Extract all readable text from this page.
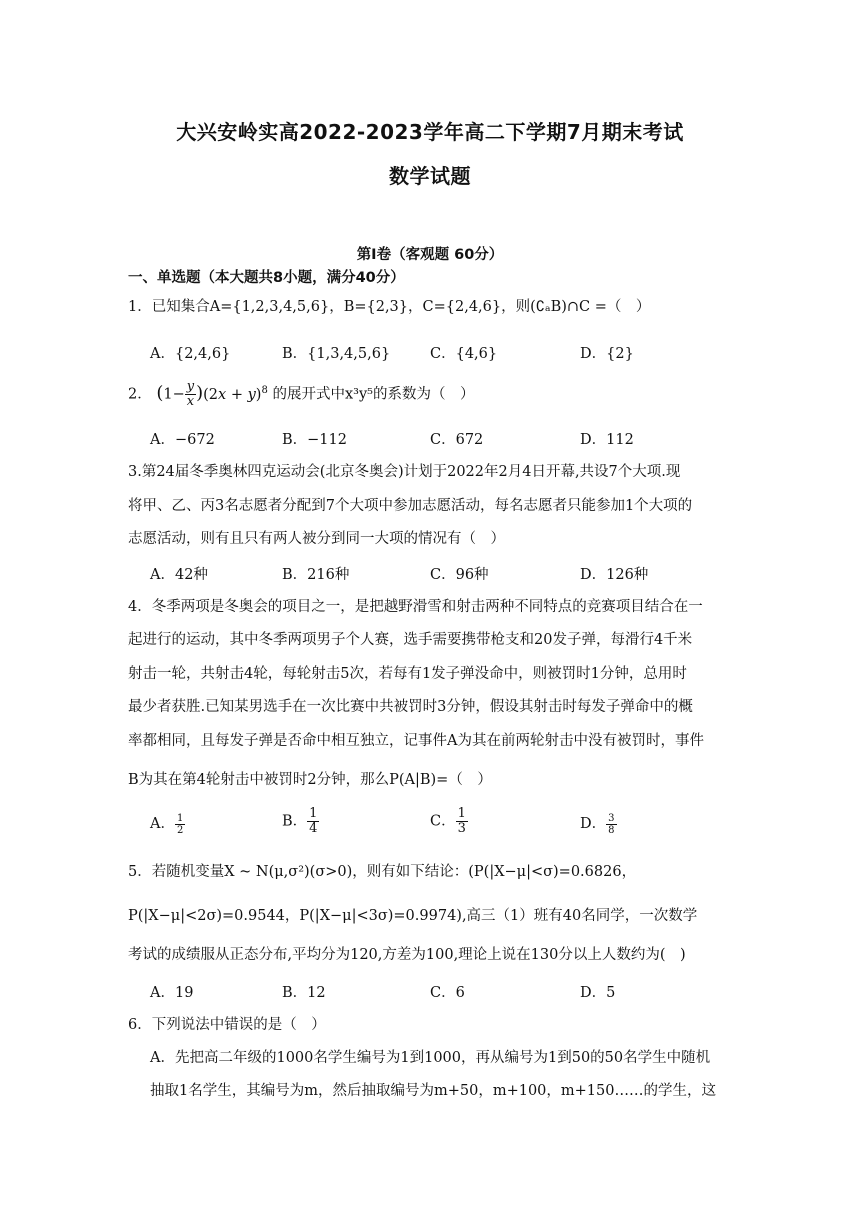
大兴安岭实高2022-2023学年高二下学期7月期末考试
数学试题
第Ⅰ卷（客观题 60分）
一、单选题（本大题共8小题，满分40分）
1．已知集合A={1,2,3,4,5,6}，B={2,3}，C={2,4,6}，则(∁ₐB)∩C =（　）
A．{2,4,6}	B．{1,3,4,5,6}	C．{4,6}	D．{2}
2． $(1- \frac{y}{x} )(2x + y)^8$ 的展开式中x³y⁵的系数为（　）
A．−672	B．−112	C．672	D．112
3.第24届冬季奥林四克运动会(北京冬奥会)计划于2022年2月4日开幕,共设7个大项.现
将甲、乙、丙3名志愿者分配到7个大项中参加志愿活动，每名志愿者只能参加1个大项的
志愿活动，则有且只有两人被分到同一大项的情况有（　）
A．42种	B．216种	C．96种	D．126种
4．冬季两项是冬奥会的项目之一，是把越野滑雪和射击两种不同特点的竞赛项目结合在一
起进行的运动，其中冬季两项男子个人赛，选手需要携带枪支和20发子弹，每滑行4千米
射击一轮，共射击4轮，每轮射击5次，若每有1发子弹没命中，则被罚时1分钟，总用时
最少者获胜.已知某男选手在一次比赛中共被罚时3分钟，假设其射击时每发子弹命中的概
率都相同，且每发子弹是否命中相互独立，记事件A为其在前两轮射击中没有被罚时，事件
B为其在第4轮射击中被罚时2分钟，那么P(A|B)=（　）
A． $\frac{1}{2}$	B． $\frac{1}{4}$	C． $\frac{1}{3}$	D． $\frac{3}{8}$
5．若随机变量X ~ N(μ,σ²)(σ>0)，则有如下结论：(P(|X−μ|<σ)=0.6826，
P(|X−μ|<2σ)=0.9544，P(|X−μ|<3σ)=0.9974),高三（1）班有40名同学，一次数学
考试的成绩服从正态分布,平均分为120,方差为100,理论上说在130分以上人数约为(　)
A．19	B．12	C．6	D．5
6．下列说法中错误的是（　）
A．先把高二年级的1000名学生编号为1到1000，再从编号为1到50的50名学生中随机
抽取1名学生，其编号为m，然后抽取编号为m+50，m+100，m+150……的学生，这
